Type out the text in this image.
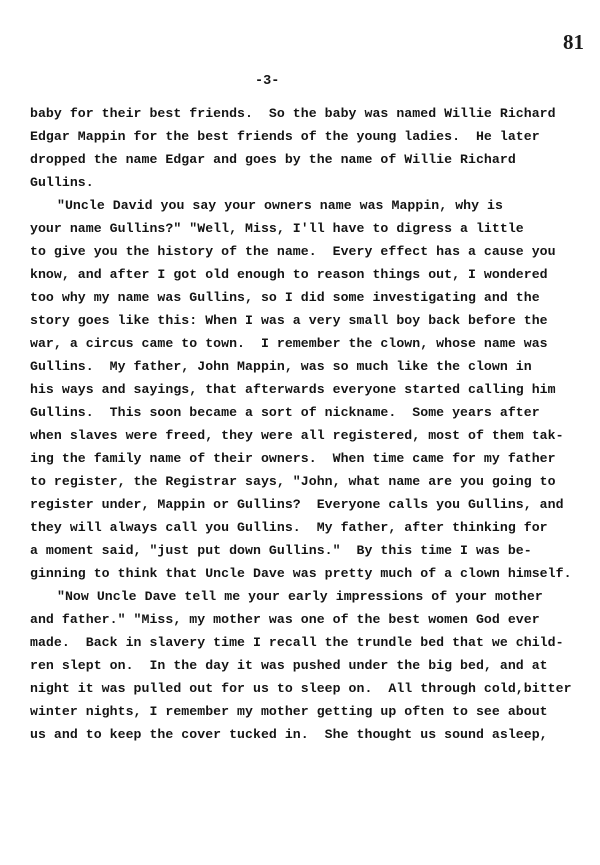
81
-3-
baby for their best friends.  So the baby was named Willie Richard
Edgar Mappin for the best friends of the young ladies.  He later
dropped the name Edgar and goes by the name of Willie Richard
Gullins.
"Uncle David you say your owners name was Mappin, why is
your name Gullins?" "Well, Miss, I'll have to digress a little
to give you the history of the name.  Every effect has a cause you
know, and after I got old enough to reason things out, I wondered
too why my name was Gullins, so I did some investigating and the
story goes like this: When I was a very small boy back before the
war, a circus came to town.  I remember the clown, whose name was
Gullins.  My father, John Mappin, was so much like the clown in
his ways and sayings, that afterwards everyone started calling him
Gullins.  This soon became a sort of nickname.  Some years after
when slaves were freed, they were all registered, most of them tak-
ing the family name of their owners.  When time came for my father
to register, the Registrar says, "John, what name are you going to
register under, Mappin or Gullins?  Everyone calls you Gullins, and
they will always call you Gullins.  My father, after thinking for
a moment said, "just put down Gullins."  By this time I was be-
ginning to think that Uncle Dave was pretty much of a clown himself.
"Now Uncle Dave tell me your early impressions of your mother
and father." "Miss, my mother was one of the best women God ever
made.  Back in slavery time I recall the trundle bed that we child-
ren slept on.  In the day it was pushed under the big bed, and at
night it was pulled out for us to sleep on.  All through cold,bitter
winter nights, I remember my mother getting up often to see about
us and to keep the cover tucked in.  She thought us sound asleep,
